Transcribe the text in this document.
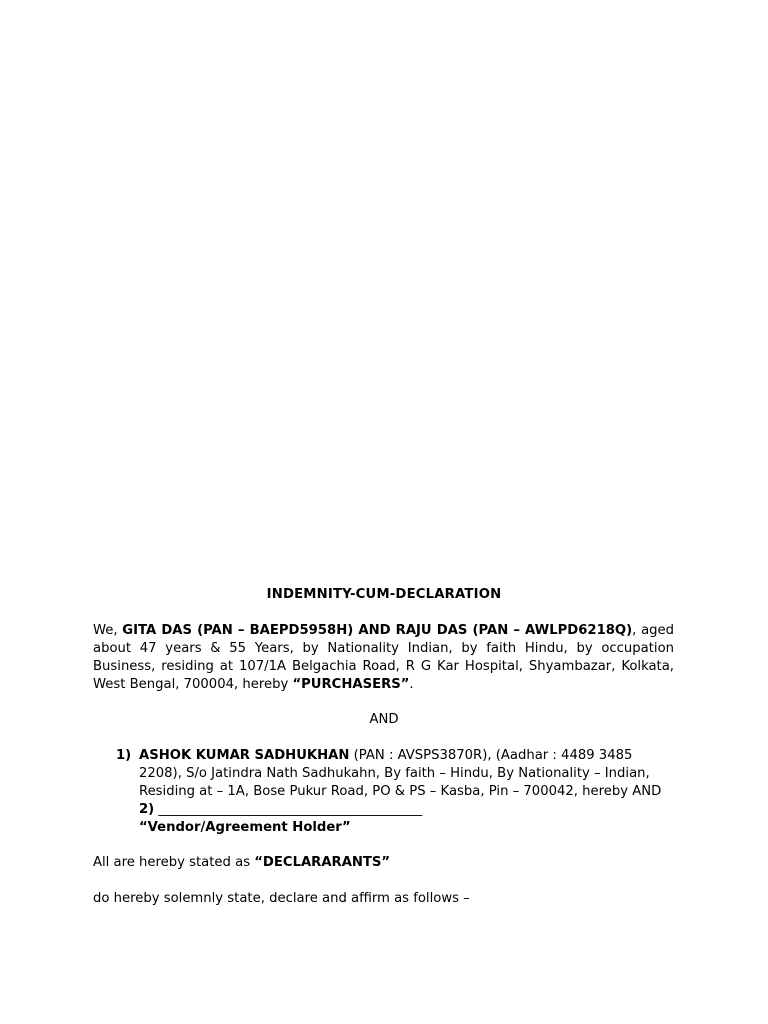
INDEMNITY-CUM-DECLARATION
We, GITA DAS (PAN – BAEPD5958H) AND RAJU DAS (PAN – AWLPD6218Q), aged about 47 years & 55 Years, by Nationality Indian, by faith Hindu, by occupation Business, residing at 107/1A Belgachia Road, R G Kar Hospital, Shyambazar, Kolkata, West Bengal, 700004, hereby “PURCHASERS”.
AND
1) ASHOK KUMAR SADHUKHAN (PAN : AVSPS3870R), (Aadhar : 4489 3485 2208), S/o Jatindra Nath Sadhukahn, By faith – Hindu, By Nationality – Indian, Residing at – 1A, Bose Pukur Road, PO & PS – Kasba, Pin – 700042, hereby AND 2) ________________________________________
“Vendor/Agreement Holder”
All are hereby stated as “DECLARARANTS”
do hereby solemnly state, declare and affirm as follows –
